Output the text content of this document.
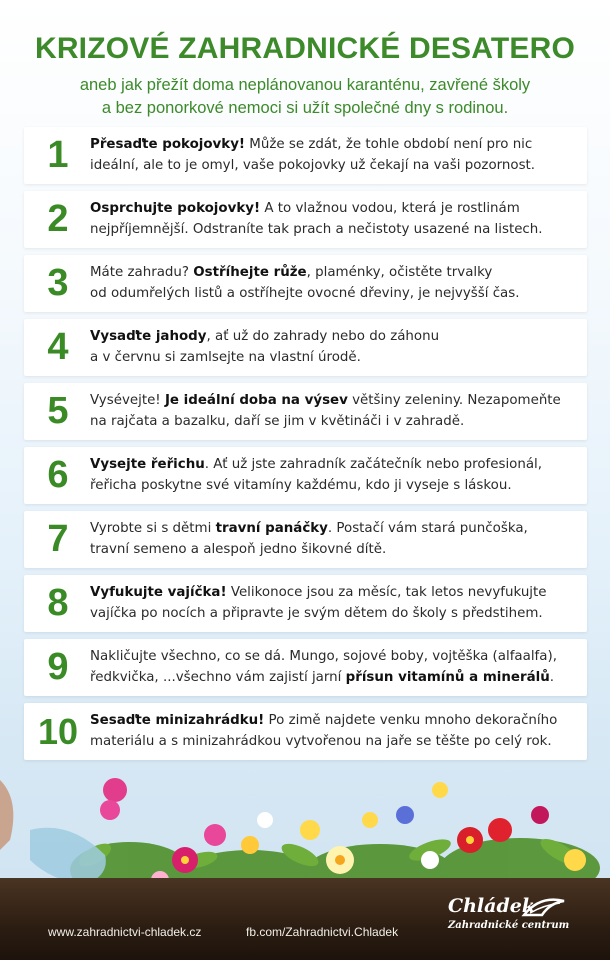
KRIZOVÉ ZAHRADNICKÉ DESATERO
aneb jak přežít doma neplánovanou karanténu, zavřené školy
a bez ponorkové nemoci si užít společné dny s rodinou.
1	Přesaďte pokojovky! Může se zdát, že tohle období není pro nic
ideální, ale to je omyl, vaše pokojovky už čekají na vaši pozornost.
2	Osprchujte pokojovky! A to vlažnou vodou, která je rostlinám
nejpříjemnější. Odstraníte tak prach a nečistoty usazené na listech.
3	Máte zahradu? Ostříhejte růže, plaménky, očistěte trvalky
od odumřelých listů a ostříhejte ovocné dřeviny, je nejvyšší čas.
4	Vysaďte jahody, ať už do zahrady nebo do záhonu
a v červnu si zamlsejte na vlastní úrodě.
5	Vysévejte! Je ideální doba na výsev většiny zeleniny. Nezapomeňte
na rajčata a bazalku, daří se jim v květináči i v zahradě.
6	Vysejte řeřichu. Ať už jste zahradník začátečník nebo profesionál,
řeřicha poskytne své vitamíny každému, kdo ji vyseje s láskou.
7	Vyrobte si s dětmi travní panáčky. Postačí vám stará punčoška,
travní semeno a alespoň jedno šikovné dítě.
8	Vyfukujte vajíčka! Velikonoce jsou za měsíc, tak letos nevyfukujte
vajíčka po nocích a připravte je svým dětem do školy s předstihem.
9	Nakličujte všechno, co se dá. Mungo, sojové boby, vojtěška (alfaalfa),
ředkvička, ...všechno vám zajistí jarní přísun vitamínů a minerálů.
10 Sesaďte minizahrádku! Po zimě najdete venku mnoho dekoračního
materiálu a s minizahrádkou vytvořenou na jaře se těšte po celý rok.
www.zahradnictvi-chladek.cz	fb.com/Zahradnictvi.Chladek
Chládek
Zahradnické centrum
